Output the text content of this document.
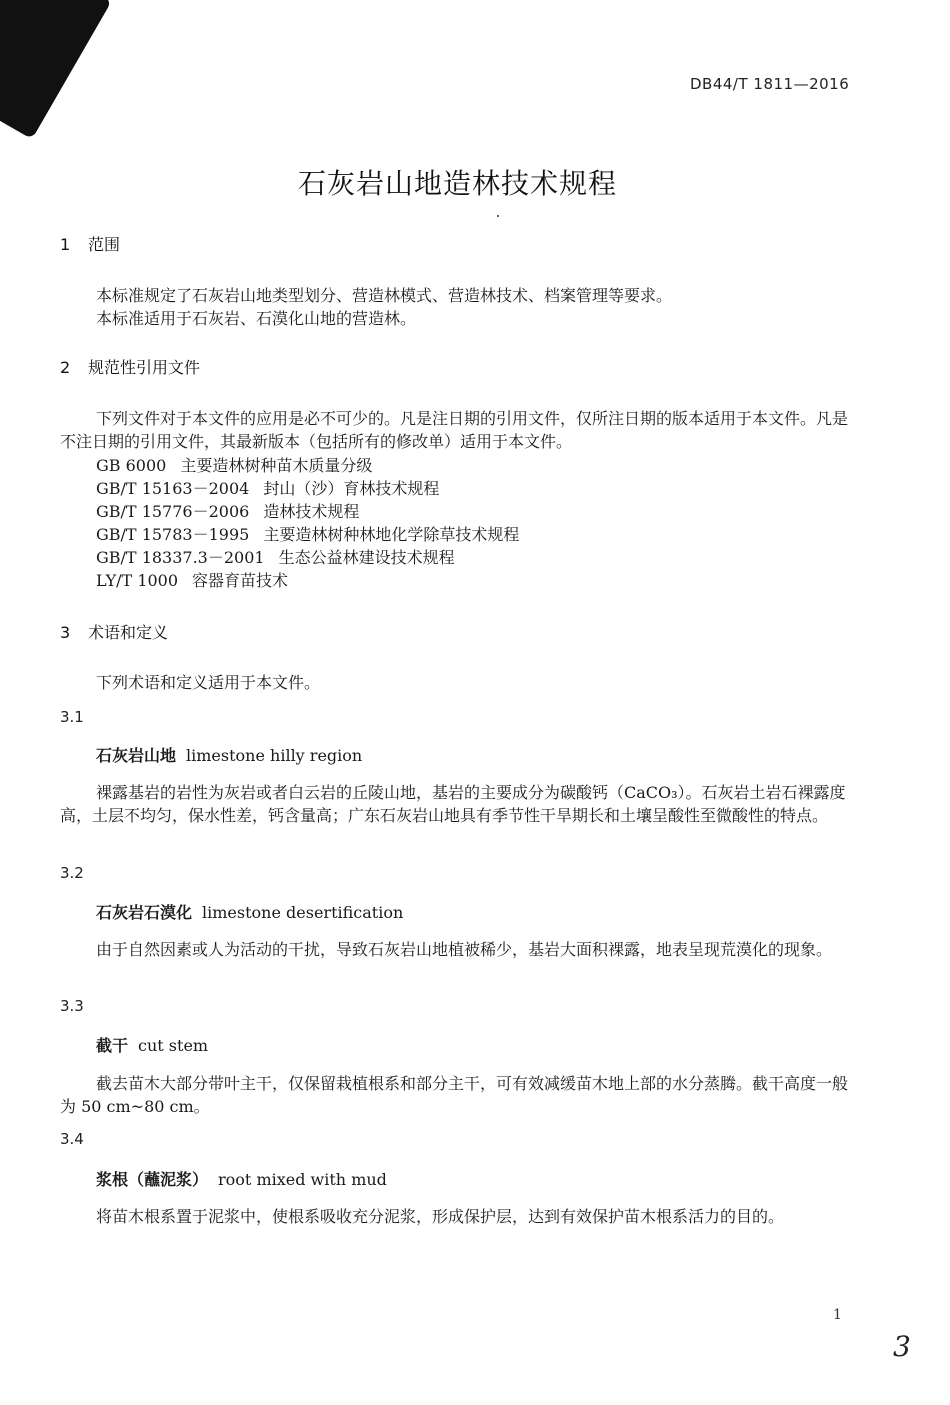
DB44/T 1811—2016
石灰岩山地造林技术规程
1 范围
本标准规定了石灰岩山地类型划分、营造林模式、营造林技术、档案管理等要求。
本标准适用于石灰岩、石漠化山地的营造林。
2 规范性引用文件
下列文件对于本文件的应用是必不可少的。凡是注日期的引用文件，仅所注日期的版本适用于本文件。凡是不注日期的引用文件，其最新版本（包括所有的修改单）适用于本文件。
GB 6000 主要造林树种苗木质量分级
GB/T 15163－2004 封山（沙）育林技术规程
GB/T 15776－2006 造林技术规程
GB/T 15783－1995 主要造林树种林地化学除草技术规程
GB/T 18337.3－2001 生态公益林建设技术规程
LY/T 1000 容器育苗技术
3 术语和定义
下列术语和定义适用于本文件。
3.1
石灰岩山地 limestone hilly region
裸露基岩的岩性为灰岩或者白云岩的丘陵山地，基岩的主要成分为碳酸钙（CaCO₃）。石灰岩土岩石裸露度高，土层不均匀，保水性差，钙含量高；广东石灰岩山地具有季节性干旱期长和土壤呈酸性至微酸性的特点。
3.2
石灰岩石漠化 limestone desertification
由于自然因素或人为活动的干扰，导致石灰岩山地植被稀少，基岩大面积裸露，地表呈现荒漠化的现象。
3.3
截干 cut stem
截去苗木大部分带叶主干，仅保留栽植根系和部分主干，可有效减缓苗木地上部的水分蒸腾。截干高度一般为 50 cm~80 cm。
3.4
浆根（蘸泥浆） root mixed with mud
将苗木根系置于泥浆中，使根系吸收充分泥浆，形成保护层，达到有效保护苗木根系活力的目的。
1
3
